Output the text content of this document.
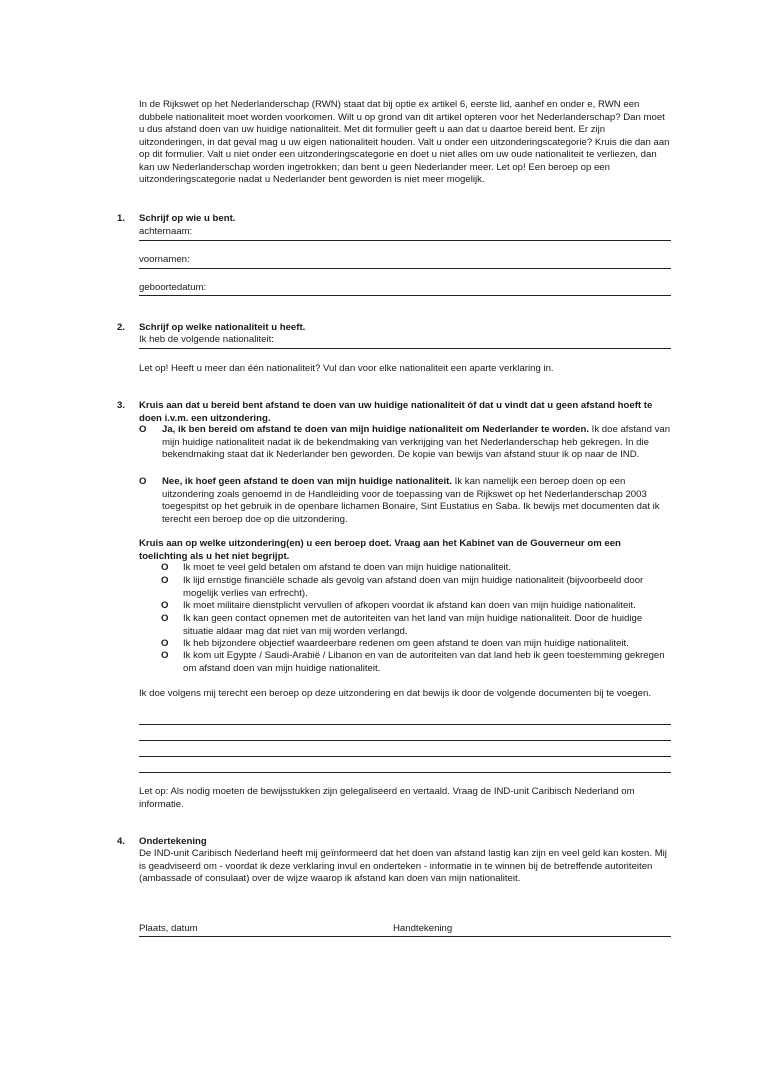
In de Rijkswet op het Nederlanderschap (RWN) staat dat bij optie ex artikel 6, eerste lid, aanhef en onder e, RWN een dubbele nationaliteit moet worden voorkomen. Wilt u op grond van dit artikel opteren voor het Nederlanderschap? Dan moet u dus afstand doen van uw huidige nationaliteit. Met dit formulier geeft u aan dat u daartoe bereid bent. Er zijn uitzonderingen, in dat geval mag u uw eigen nationaliteit houden. Valt u onder een uitzonderingscategorie? Kruis die dan aan op dit formulier. Valt u niet onder een uitzonderingscategorie en doet u niet alles om uw oude nationaliteit te verliezen, dan kan uw Nederlanderschap worden ingetrokken; dan bent u geen Nederlander meer. Let op! Een beroep op een uitzonderingscategorie nadat u Nederlander bent geworden is niet meer mogelijk.
1. Schrijf op wie u bent.
achternaam:
voornamen:
geboortedatum:
2. Schrijf op welke nationaliteit u heeft.
Ik heb de volgende nationaliteit:
Let op! Heeft u meer dan één nationaliteit? Vul dan voor elke nationaliteit een aparte verklaring in.
3. Kruis aan dat u bereid bent afstand te doen van uw huidige nationaliteit óf dat u vindt dat u geen afstand hoeft te doen i.v.m. een uitzondering.
O Ja, ik ben bereid om afstand te doen van mijn huidige nationaliteit om Nederlander te worden. Ik doe afstand van mijn huidige nationaliteit nadat ik de bekendmaking van verkrijging van het Nederlanderschap heb gekregen. In die bekendmaking staat dat ik Nederlander ben geworden. De kopie van bewijs van afstand stuur ik op naar de IND.
O Nee, ik hoef geen afstand te doen van mijn huidige nationaliteit. Ik kan namelijk een beroep doen op een uitzondering zoals genoemd in de Handleiding voor de toepassing van de Rijkswet op het Nederlanderschap 2003 toegespitst op het gebruik in de openbare lichamen Bonaire, Sint Eustatius en Saba. Ik bewijs met documenten dat ik terecht een beroep doe op die uitzondering.
Kruis aan op welke uitzondering(en) u een beroep doet. Vraag aan het Kabinet van de Gouverneur om een toelichting als u het niet begrijpt.
O Ik moet te veel geld betalen om afstand te doen van mijn huidige nationaliteit.
O Ik lijd ernstige financiële schade als gevolg van afstand doen van mijn huidige nationaliteit (bijvoorbeeld door mogelijk verlies van erfrecht).
O Ik moet militaire dienstplicht vervullen of afkopen voordat ik afstand kan doen van mijn huidige nationaliteit.
O Ik kan geen contact opnemen met de autoriteiten van het land van mijn huidige nationaliteit. Door de huidige situatie aldaar mag dat niet van mij worden verlangd.
O Ik heb bijzondere objectief waardeerbare redenen om geen afstand te doen van mijn huidige nationaliteit.
O Ik kom uit Egypte / Saudi-Arabië / Libanon en van de autoriteiten van dat land heb ik geen toestemming gekregen om afstand doen van mijn huidige nationaliteit.
Ik doe volgens mij terecht een beroep op deze uitzondering en dat bewijs ik door de volgende documenten bij te voegen.
Let op: Als nodig moeten de bewijsstukken zijn gelegaliseerd en vertaald. Vraag de IND-unit Caribisch Nederland om informatie.
4. Ondertekening
De IND-unit Caribisch Nederland heeft mij geïnformeerd dat het doen van afstand lastig kan zijn en veel geld kan kosten. Mij is geadviseerd om - voordat ik deze verklaring invul en onderteken - informatie in te winnen bij de betreffende autoriteiten (ambassade of consulaat) over de wijze waarop ik afstand kan doen van mijn nationaliteit.
Plaats, datum	Handtekening
